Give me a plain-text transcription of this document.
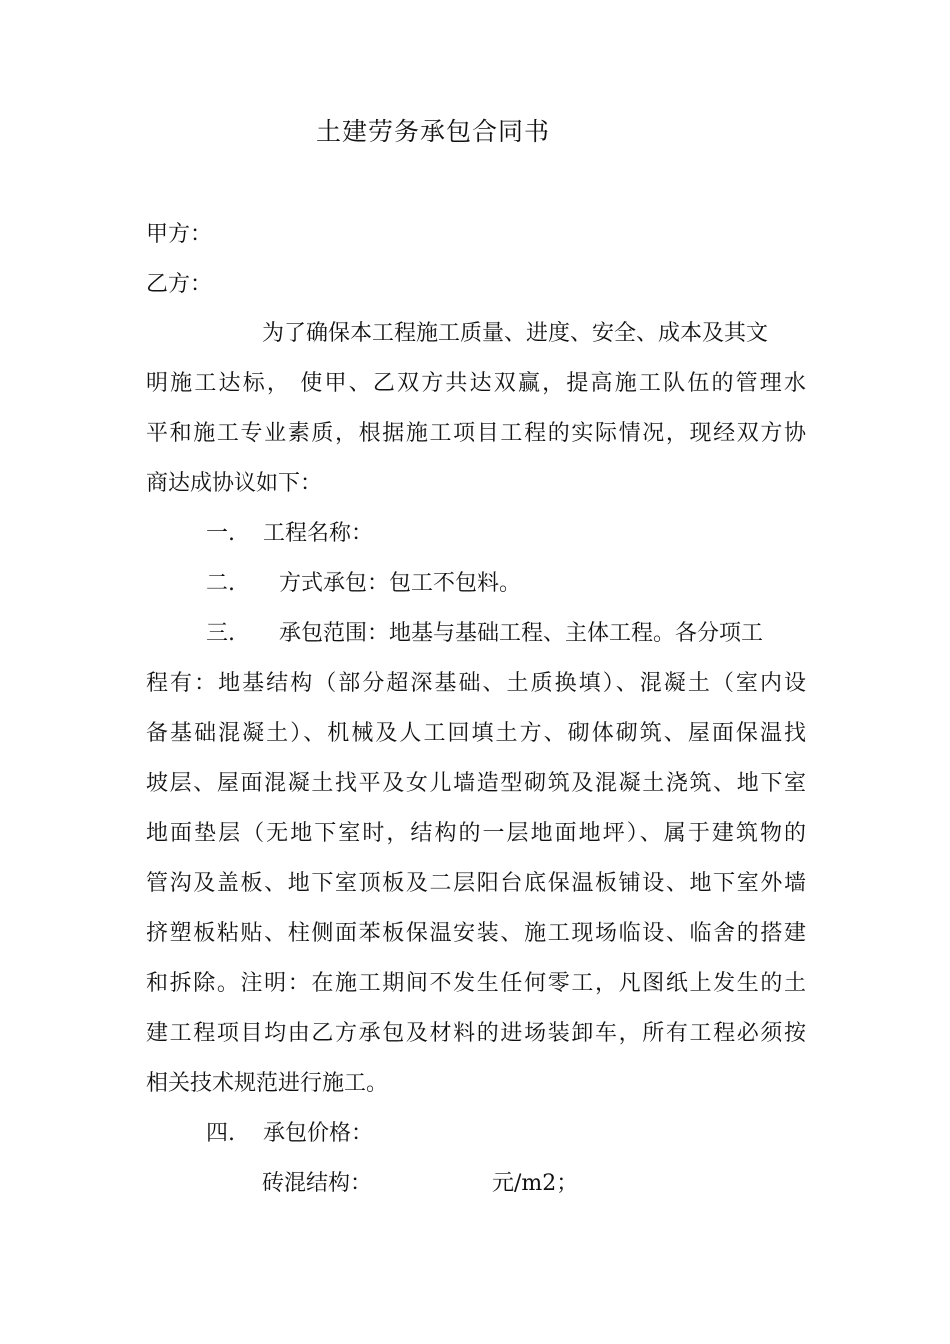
土建劳务承包合同书
甲方：
乙方：
为了确保本工程施工质量、进度、安全、成本及其文
明施工达标， 使甲、乙双方共达双赢，提高施工队伍的管理水
平和施工专业素质，根据施工项目工程的实际情况，现经双方协
商达成协议如下：
一. 工程名称：
二. 方式承包：包工不包料。
三. 承包范围：地基与基础工程、主体工程。各分项工
程有：地基结构（部分超深基础、土质换填）、混凝土（室内设
备基础混凝土）、机械及人工回填土方、砌体砌筑、屋面保温找
坡层、屋面混凝土找平及女儿墙造型砌筑及混凝土浇筑、地下室
地面垫层（无地下室时，结构的一层地面地坪）、属于建筑物的
管沟及盖板、地下室顶板及二层阳台底保温板铺设、地下室外墙
挤塑板粘贴、柱侧面苯板保温安装、施工现场临设、临舍的搭建
和拆除。注明：在施工期间不发生任何零工，凡图纸上发生的土
建工程项目均由乙方承包及材料的进场装卸车，所有工程必须按
相关技术规范进行施工。
四. 承包价格：
砖混结构：	元/m2；
